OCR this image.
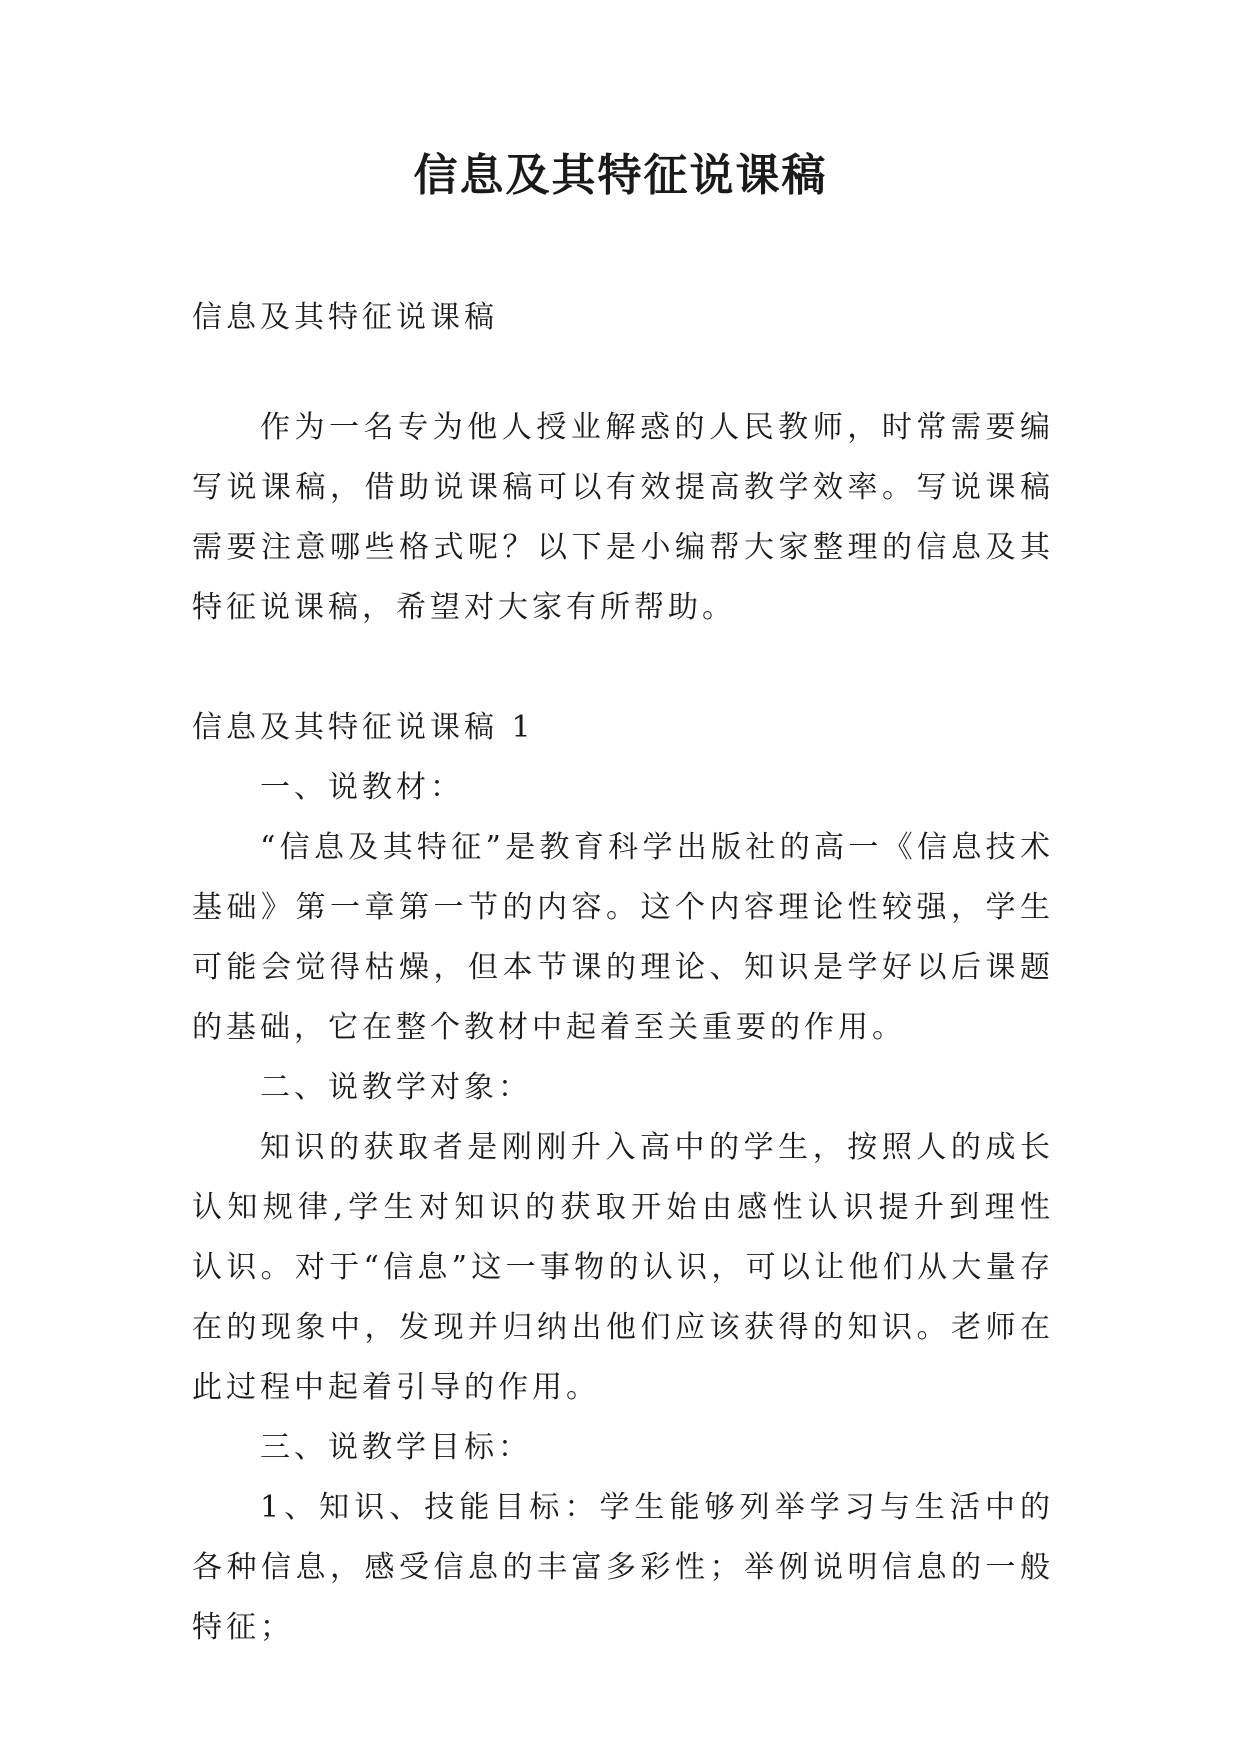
信息及其特征说课稿
信息及其特征说课稿

作为一名专为他人授业解惑的人民教师，时常需要编写说课稿，借助说课稿可以有效提高教学效率。写说课稿需要注意哪些格式呢？以下是小编帮大家整理的信息及其特征说课稿，希望对大家有所帮助。

信息及其特征说课稿 1

一、说教材：

“信息及其特征”是教育科学出版社的高一《信息技术基础》第一章第一节的内容。这个内容理论性较强，学生可能会觉得枯燥，但本节课的理论、知识是学好以后课题的基础，它在整个教材中起着至关重要的作用。

二、说教学对象：

知识的获取者是刚刚升入高中的学生，按照人的成长认知规律,学生对知识的获取开始由感性认识提升到理性认识。对于“信息”这一事物的认识，可以让他们从大量存在的现象中，发现并归纳出他们应该获得的知识。老师在此过程中起着引导的作用。

三、说教学目标：

1、知识、技能目标：学生能够列举学习与生活中的各种信息，感受信息的丰富多彩性；举例说明信息的一般特征；
